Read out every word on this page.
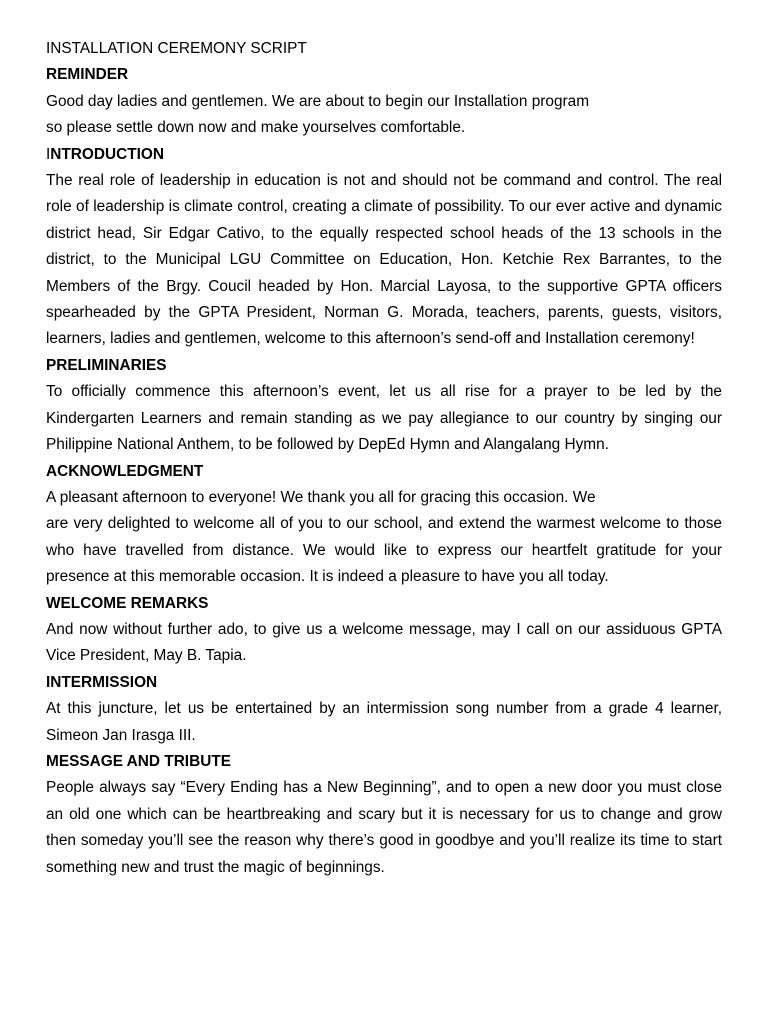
INSTALLATION CEREMONY SCRIPT

REMINDER

Good day ladies and gentlemen. We are about to begin our Installation program
so please settle down now and make yourselves comfortable.

INTRODUCTION

The real role of leadership in education is not and should not be command and control. The real role of leadership is climate control, creating a climate of possibility. To our ever active and dynamic district head, Sir Edgar Cativo, to the equally respected school heads of the 13 schools in the district, to the Municipal LGU Committee on Education, Hon. Ketchie Rex Barrantes, to the Members of the Brgy. Coucil headed by Hon. Marcial Layosa, to the supportive GPTA officers spearheaded by the GPTA President, Norman G. Morada, teachers, parents, guests, visitors, learners, ladies and gentlemen, welcome to this afternoon’s send-off and Installation ceremony!

PRELIMINARIES

To officially commence this afternoon’s event, let us all rise for a prayer to be led by the Kindergarten Learners and remain standing as we pay allegiance to our country by singing our Philippine National Anthem, to be followed by DepEd Hymn and Alangalang Hymn.

ACKNOWLEDGMENT

A pleasant afternoon to everyone! We thank you all for gracing this occasion. We
are very delighted to welcome all of you to our school, and extend the warmest welcome to those who have travelled from distance. We would like to express our heartfelt gratitude for your presence at this memorable occasion. It is indeed a pleasure to have you all today.

WELCOME REMARKS

And now without further ado, to give us a welcome message, may I call on our assiduous GPTA Vice President, May B. Tapia.

INTERMISSION

At this juncture, let us be entertained by an intermission song number from a grade 4 learner, Simeon Jan Irasga III.

MESSAGE AND TRIBUTE

People always say “Every Ending has a New Beginning”, and to open a new door you must close an old one which can be heartbreaking and scary but it is necessary for us to change and grow then someday you’ll see the reason why there’s good in goodbye and you’ll realize its time to start something new and trust the magic of beginnings.
